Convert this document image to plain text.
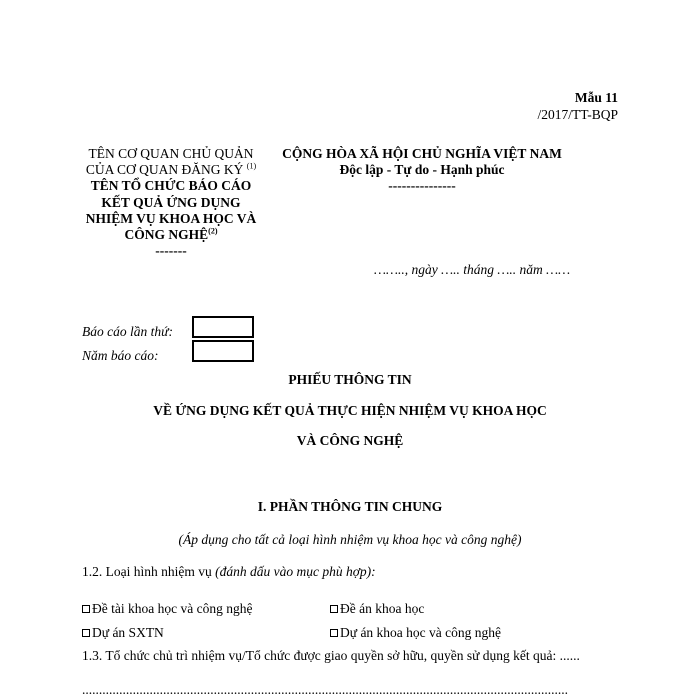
Mẫu 11
/2017/TT-BQP
TÊN CƠ QUAN CHỦ QUẢN
CỦA CƠ QUAN ĐĂNG KÝ $^{(1)}$
TÊN TỔ CHỨC BÁO CÁO
KẾT QUẢ ỨNG DỤNG
NHIỆM VỤ KHOA HỌC VÀ
CÔNG NGHỆ$^{(2)}$
-------
CỘNG HÒA XÃ HỘI CHỦ NGHĨA VIỆT NAM
Độc lập - Tự do - Hạnh phúc
---------------
…….., ngày ….. tháng ….. năm ……
Báo cáo lần thứ:
Năm báo cáo:
PHIẾU THÔNG TIN
VỀ ỨNG DỤNG KẾT QUẢ THỰC HIỆN NHIỆM VỤ KHOA HỌC
VÀ CÔNG NGHỆ
I. PHẦN THÔNG TIN CHUNG
(Áp dụng cho tất cả loại hình nhiệm vụ khoa học và công nghệ)
1.2. Loại hình nhiệm vụ (đánh dấu vào mục phù hợp):
Đề tài khoa học và công nghệ	Đề án khoa học
Dự án SXTN	Dự án khoa học và công nghệ
1.3. Tổ chức chủ trì nhiệm vụ/Tổ chức được giao quyền sở hữu, quyền sử dụng kết quả: ......
................................................................................................................................................
